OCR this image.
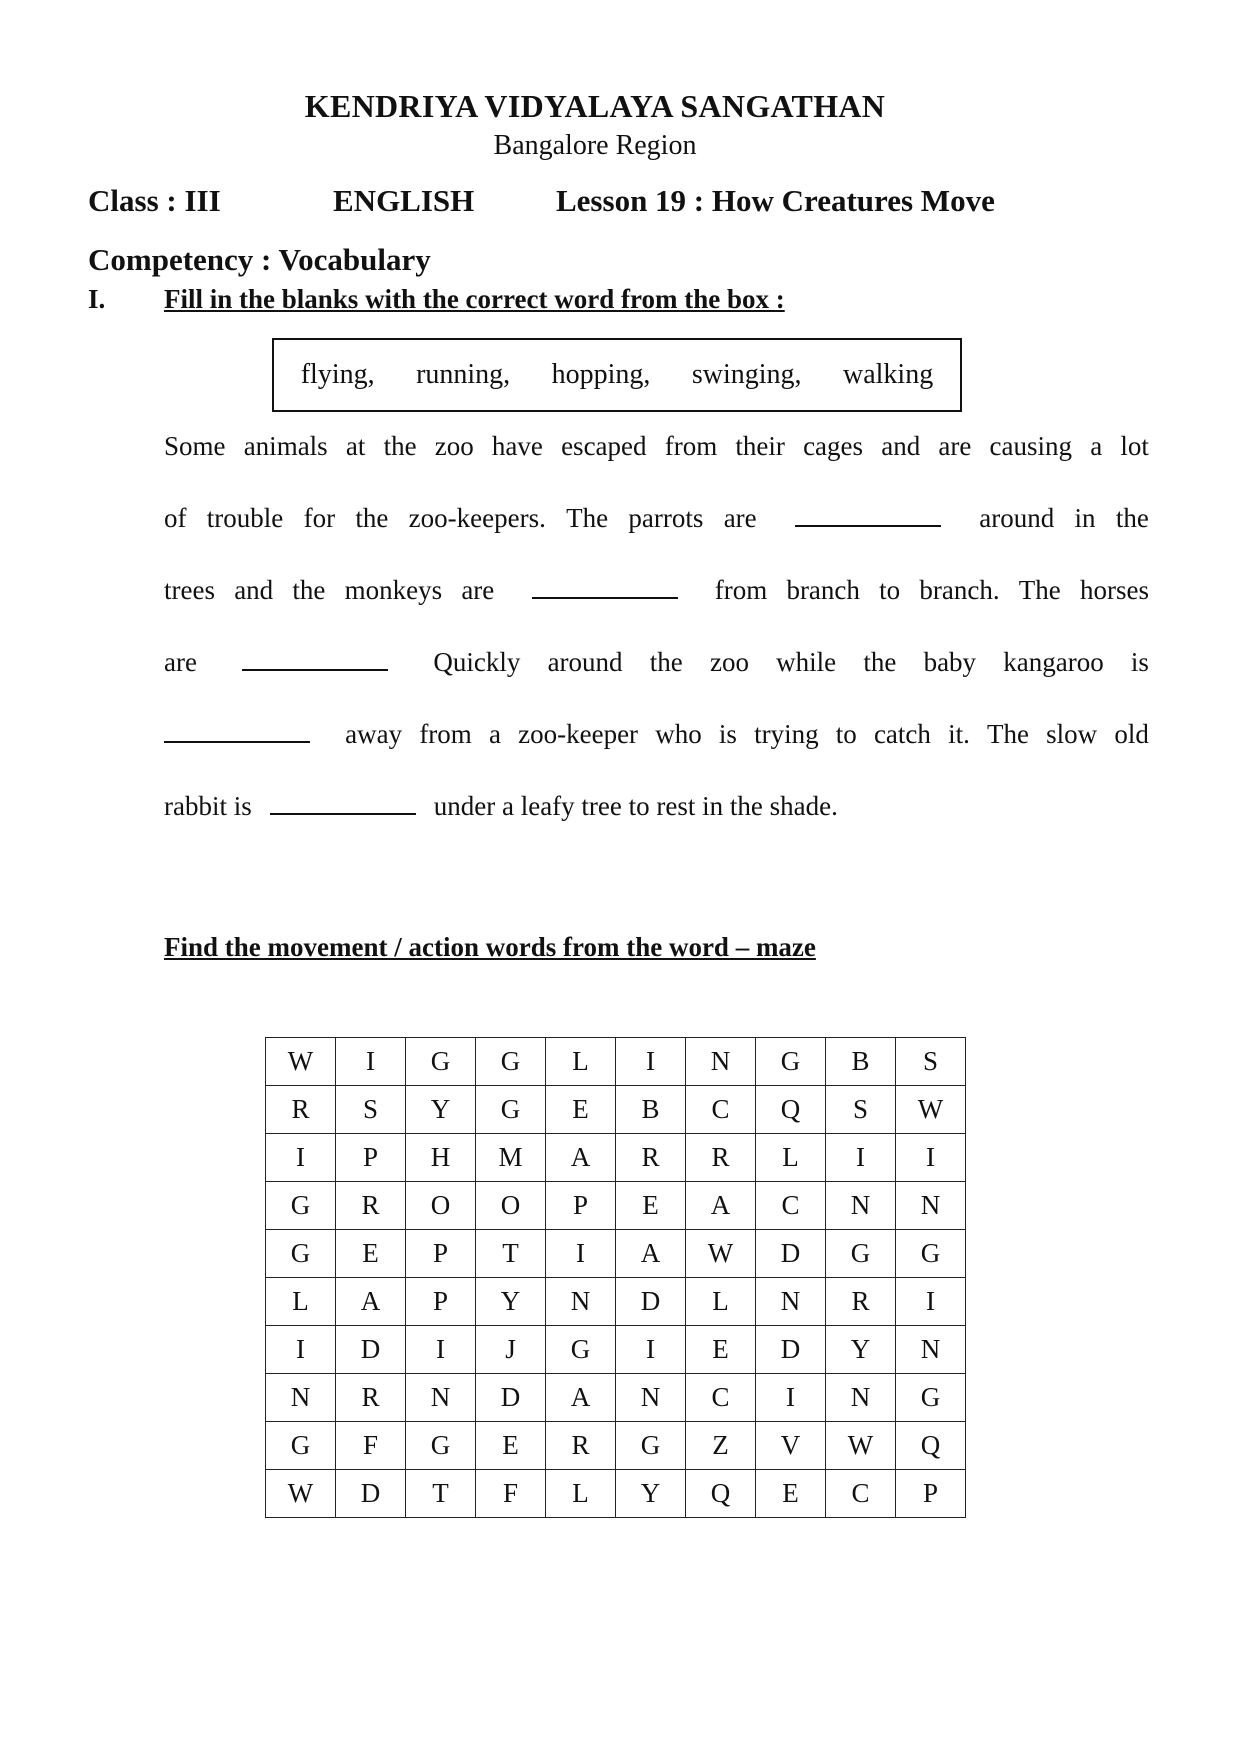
KENDRIYA VIDYALAYA SANGATHAN
Bangalore Region
Class : III	ENGLISH	Lesson 19 : How Creatures Move
Competency : Vocabulary
I. Fill in the blanks with the correct word from the box :
flying, running, hopping, swinging, walking
Some animals at the zoo have escaped from their cages and are causing a lot
of trouble for the zoo-keepers. The parrots are	around in the
trees and the monkeys are	from branch to branch. The horses
are	Quickly around the zoo while the baby kangaroo is
away from a zoo-keeper who is trying to catch it. The slow old
rabbit is	under a leafy tree to rest in the shade.
Find the movement / action words from the word – maze
W	I	G	G	L	I	N	G	B	S
R	S	Y	G	E	B	C	Q	S	W
I	P	H	M	A	R	R	L	I	I
G	R	O	O	P	E	A	C	N	N
G	E	P	T	I	A	W	D	G	G
L	A	P	Y	N	D	L	N	R	I
I	D	I	J	G	I	E	D	Y	N
N	R	N	D	A	N	C	I	N	G
G	F	G	E	R	G	Z	V	W	Q
W	D	T	F	L	Y	Q	E	C	P
